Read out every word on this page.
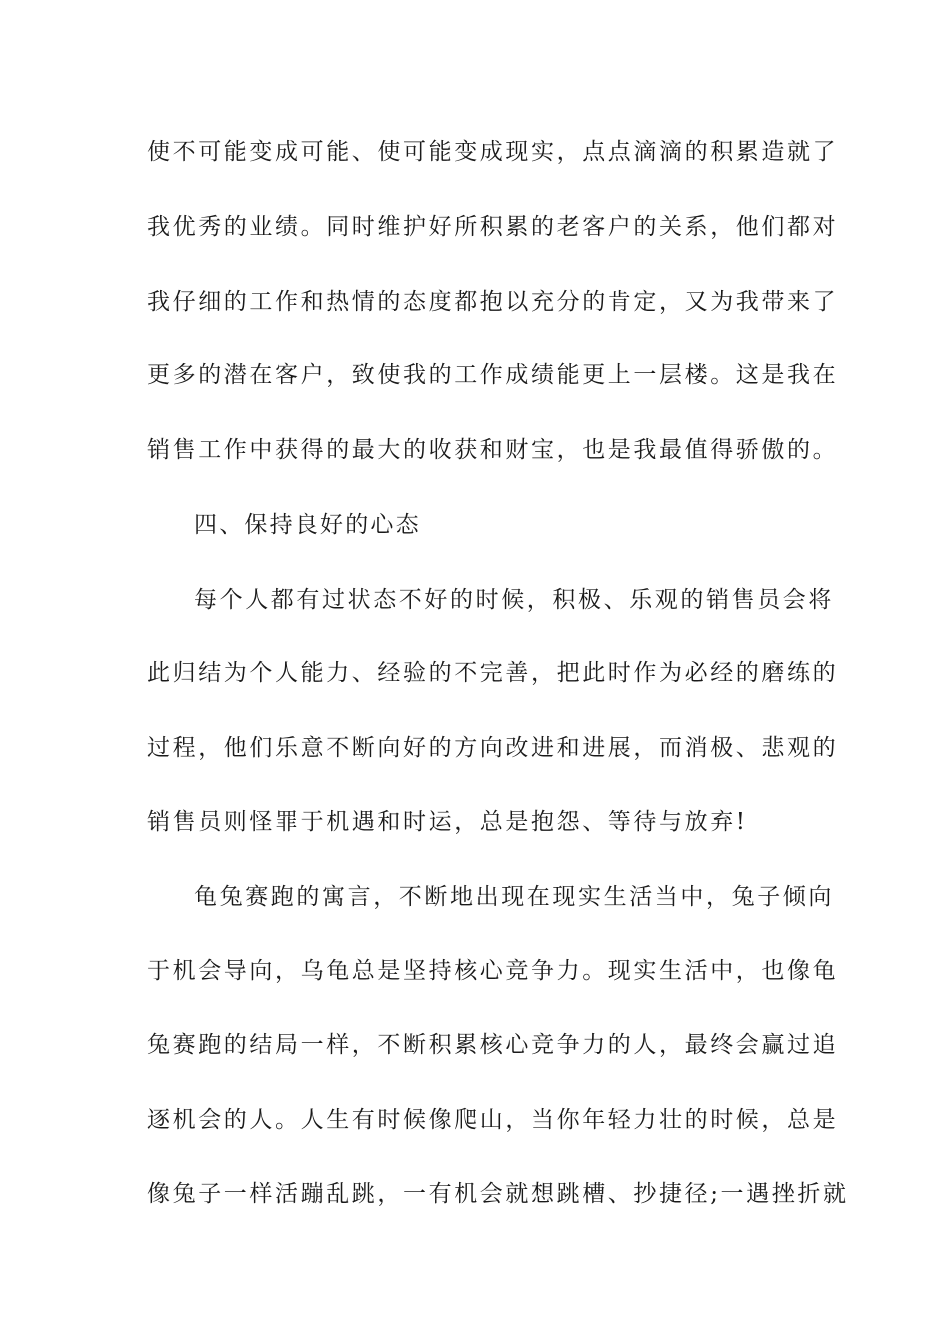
使不可能变成可能、使可能变成现实，点点滴滴的积累造就了
我优秀的业绩。同时维护好所积累的老客户的关系，他们都对
我仔细的工作和热情的态度都抱以充分的肯定，又为我带来了
更多的潜在客户，致使我的工作成绩能更上一层楼。这是我在
销售工作中获得的最大的收获和财宝，也是我最值得骄傲的。
四、保持良好的心态
每个人都有过状态不好的时候，积极、乐观的销售员会将
此归结为个人能力、经验的不完善，把此时作为必经的磨练的
过程，他们乐意不断向好的方向改进和进展，而消极、悲观的
销售员则怪罪于机遇和时运，总是抱怨、等待与放弃!
龟兔赛跑的寓言，不断地出现在现实生活当中，兔子倾向
于机会导向，乌龟总是坚持核心竞争力。现实生活中，也像龟
兔赛跑的结局一样，不断积累核心竞争力的人，最终会赢过追
逐机会的人。人生有时候像爬山，当你年轻力壮的时候，总是
像兔子一样活蹦乱跳，一有机会就想跳槽、抄捷径;一遇挫折就
